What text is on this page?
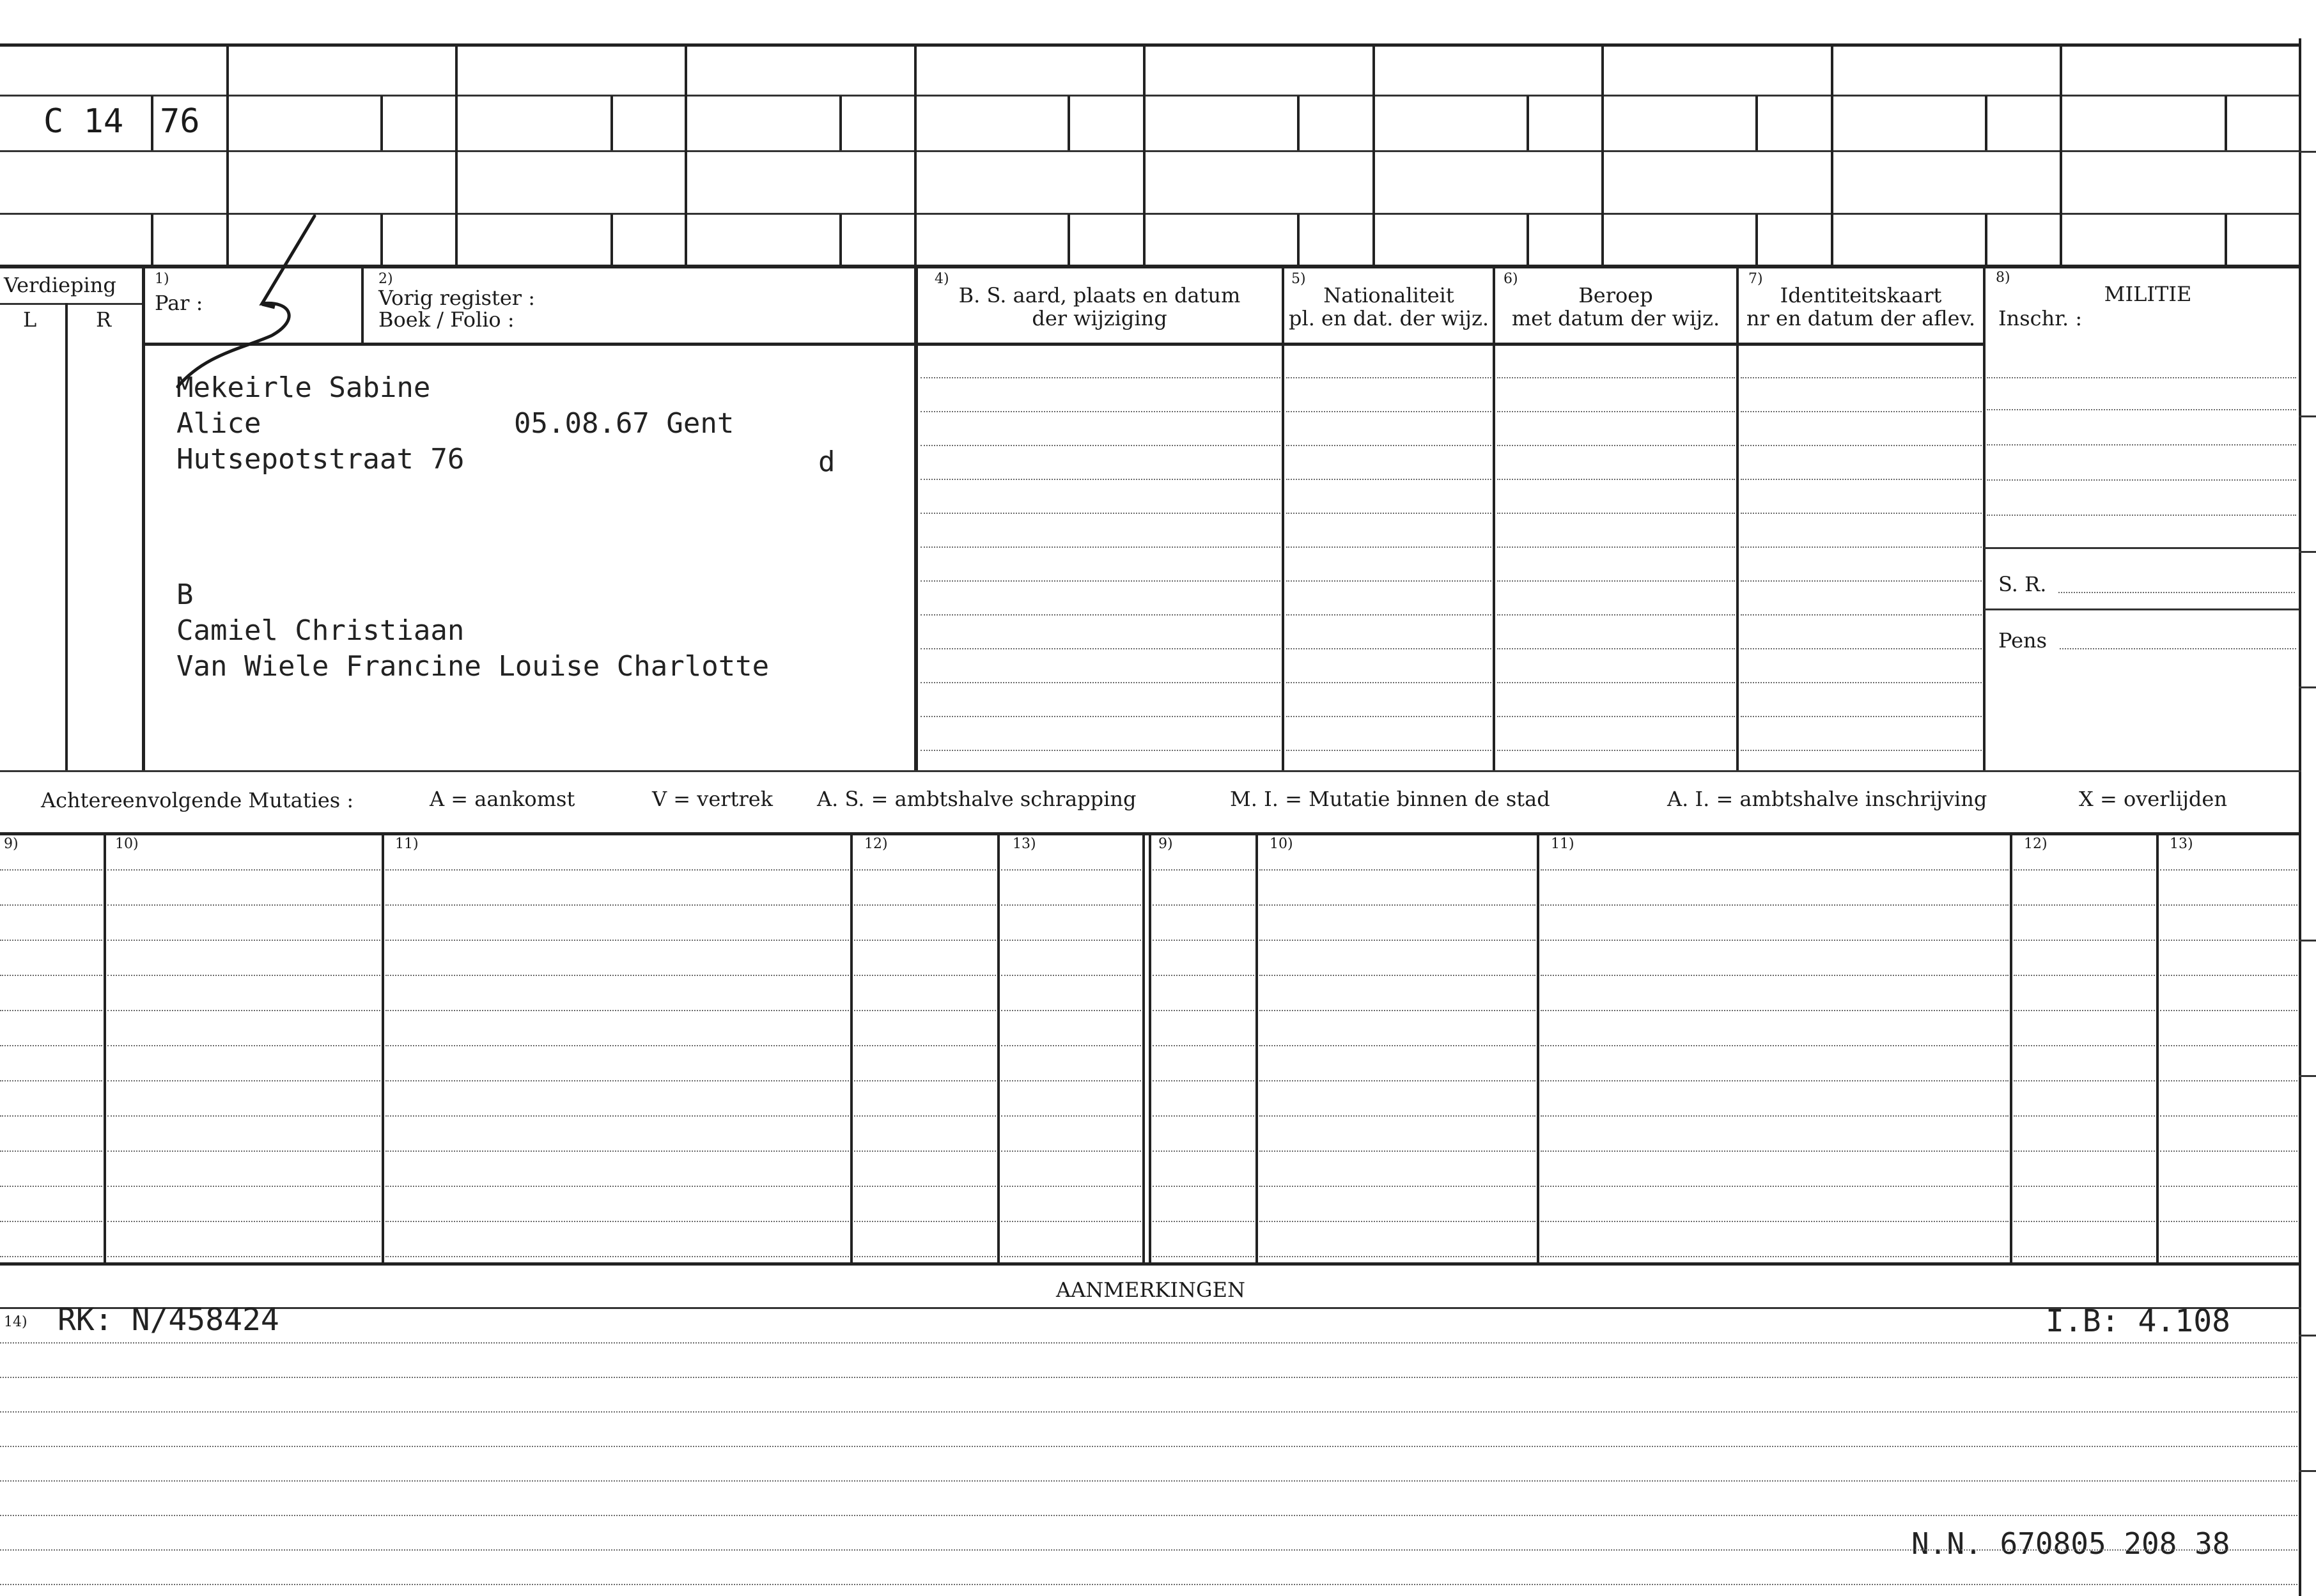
C 14 76
Verdieping
L	R
1)
Par :
2)
Vorig register :
Boek / Folio :
4)
B. S. aard, plaats en datum
der wijziging
5)
Nationaliteit
pl. en dat. der wijz.
6)
Beroep
met datum der wijz.
7)
Identiteitskaart
nr en datum der aflev.
8)
MILITIE
Inschr. :
Mekeirle Sabine
Alice	05.08.67 Gent
Hutsepotstraat 76	d
B
Camiel Christiaan
Van Wiele Francine Louise Charlotte
S. R.
Pens
Achtereenvolgende Mutaties :	A = aankomst	V = vertrek A. S. = ambtshalve schrapping	M. I. = Mutatie binnen de stad	A. I. = ambtshalve inschrijving	X = overlijden
9)	10)	11)	12)	13)	9)	10)	11)	12)	13)
AANMERKINGEN
14) RK: N/458424	I.B: 4.108
N.N. 670805 208 38
